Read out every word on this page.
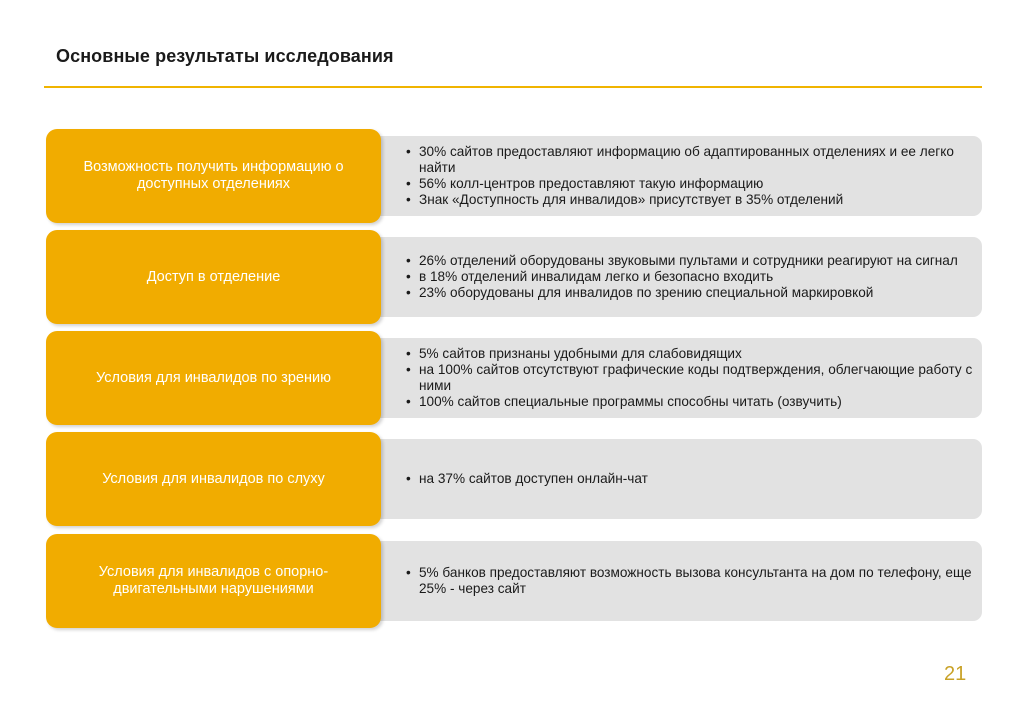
Основные результаты исследования
Возможность получить информацию о доступных отделениях
• 30% сайтов предоставляют информацию об адаптированных отделениях и ее легко найти
• 56% колл-центров предоставляют такую информацию
• Знак «Доступность для инвалидов» присутствует в 35% отделений
Доступ в отделение
• 26% отделений оборудованы звуковыми пультами и сотрудники реагируют на сигнал
• в 18% отделений инвалидам легко и безопасно входить
• 23% оборудованы для инвалидов по зрению специальной маркировкой
Условия для инвалидов по зрению
• 5% сайтов признаны удобными для слабовидящих
• на 100% сайтов отсутствуют графические коды подтверждения, облегчающие работу с ними
• 100% сайтов специальные программы способны читать (озвучить)
Условия для инвалидов по слуху
•	на 37% сайтов доступен онлайн-чат
Условия для инвалидов с опорно-двигательными нарушениями
• 5% банков предоставляют возможность вызова консультанта на дом по телефону, еще 25% - через сайт
21
